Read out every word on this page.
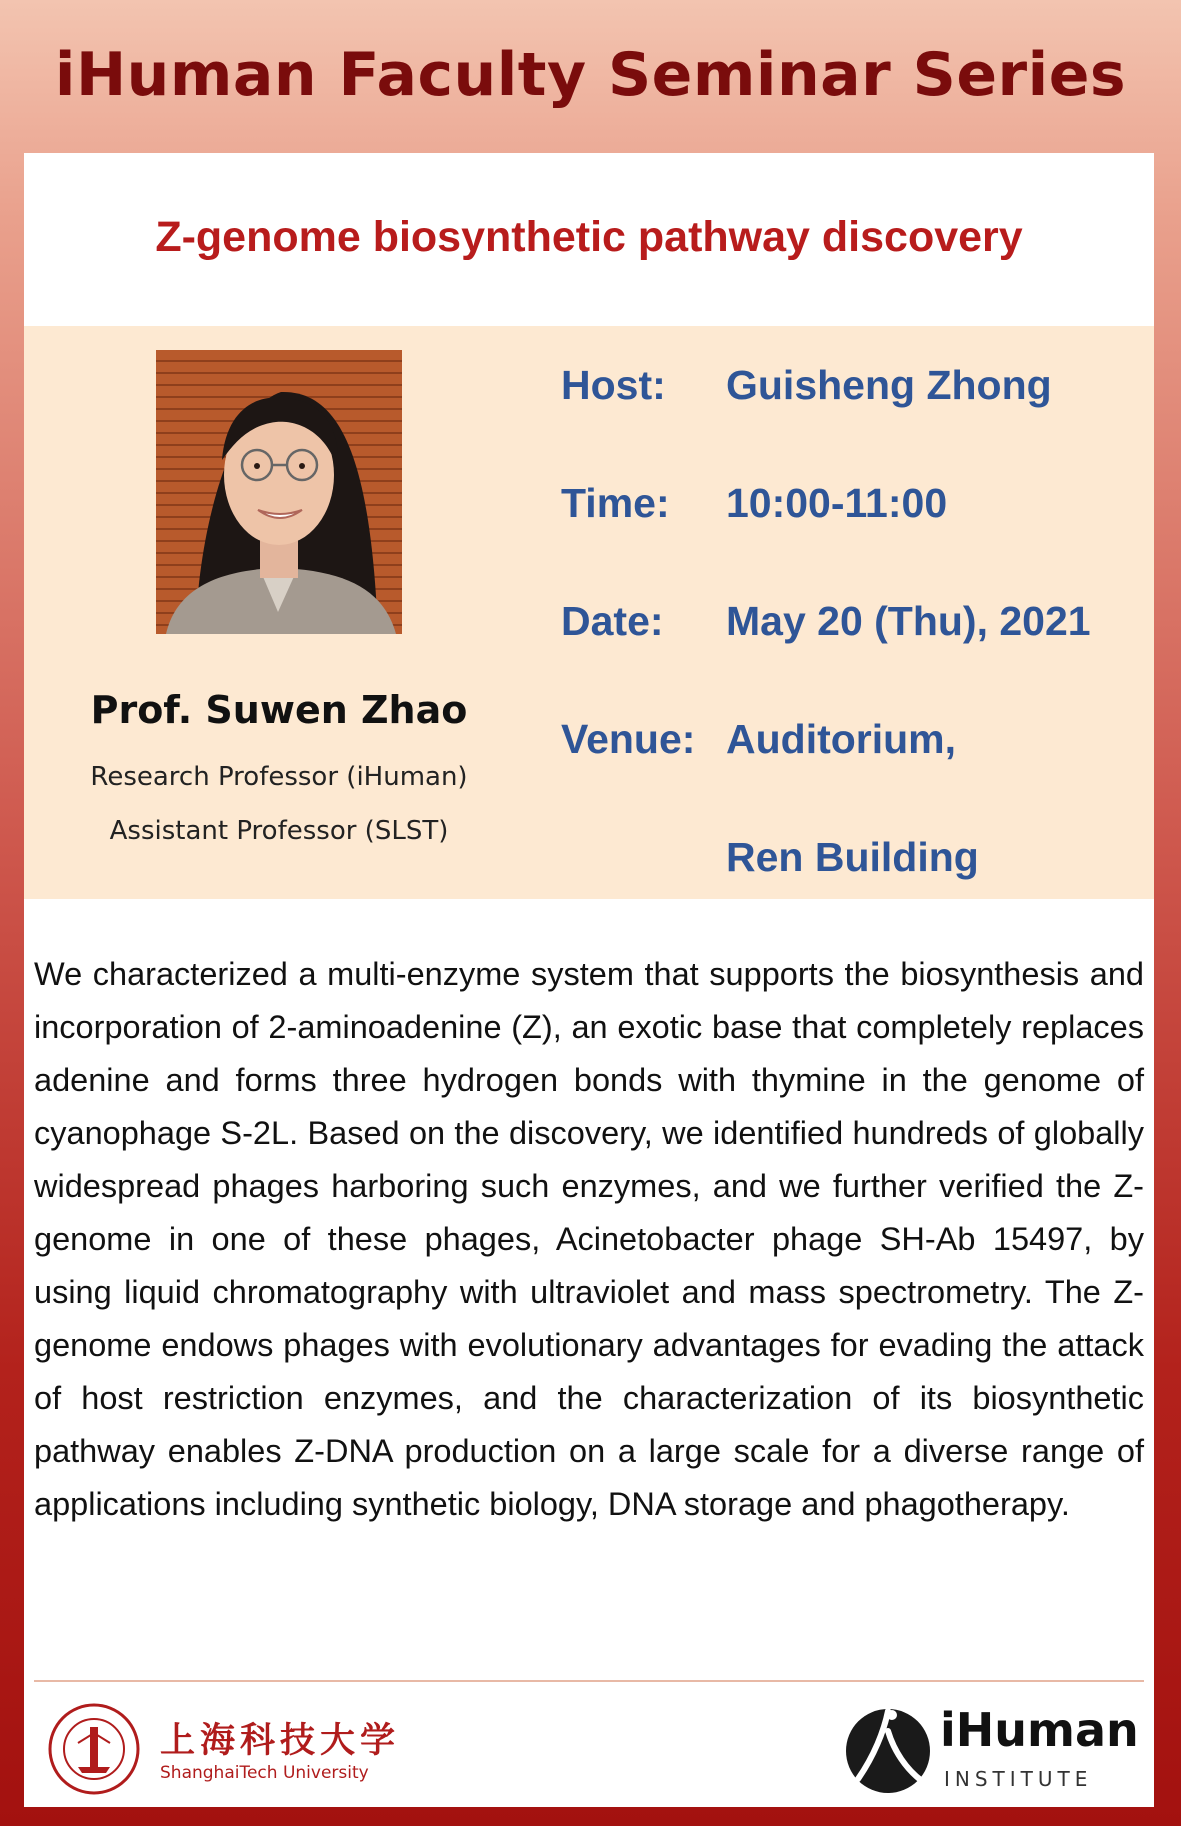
iHuman Faculty Seminar Series
Z-genome biosynthetic pathway discovery
Prof. Suwen Zhao
Research Professor (iHuman)
Assistant Professor (SLST)
Host: Guisheng Zhong
Time: 10:00-11:00
Date: May 20 (Thu), 2021
Venue: Auditorium,
Ren Building
We characterized a multi-enzyme system that supports the biosynthesis and incorporation of 2-aminoadenine (Z), an exotic base that completely replaces adenine and forms three hydrogen bonds with thymine in the genome of cyanophage S-2L. Based on the discovery, we identified hundreds of globally widespread phages harboring such enzymes, and we further verified the Z-genome in one of these phages, Acinetobacter phage SH-Ab 15497, by using liquid chromatography with ultraviolet and mass spectrometry. The Z-genome endows phages with evolutionary advantages for evading the attack of host restriction enzymes, and the characterization of its biosynthetic pathway enables Z-DNA production on a large scale for a diverse range of applications including synthetic biology, DNA storage and phagotherapy.
上海科技大学
ShanghaiTech University
iHuman
INSTITUTE
